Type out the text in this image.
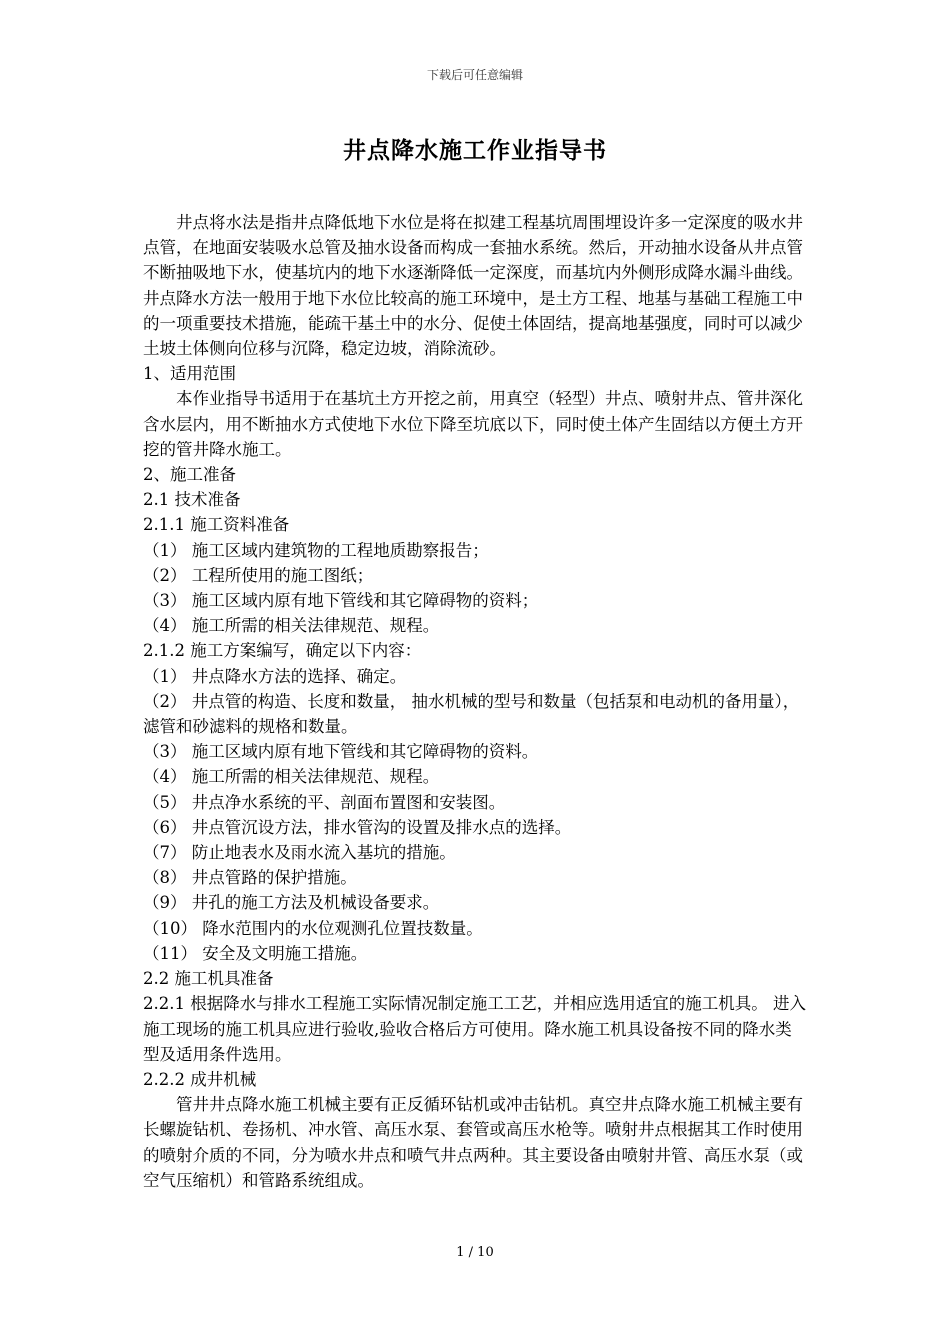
下载后可任意编辑
井点降水施工作业指导书

井点将水法是指井点降低地下水位是将在拟建工程基坑周围埋设许多一定深度的吸水井点管，在地面安装吸水总管及抽水设备而构成一套抽水系统。然后，开动抽水设备从井点管不断抽吸地下水，使基坑内的地下水逐渐降低一定深度，而基坑内外侧形成降水漏斗曲线。 井点降水方法一般用于地下水位比较高的施工环境中，是土方工程、地基与基础工程施工中的一项重要技术措施，能疏干基土中的水分、促使土体固结，提高地基强度，同时可以减少土坡土体侧向位移与沉降，稳定边坡，消除流砂。

1、适用范围

本作业指导书适用于在基坑土方开挖之前，用真空（轻型）井点、喷射井点、管井深化含水层内，用不断抽水方式使地下水位下降至坑底以下，同时使土体产生固结以方便土方开挖的管井降水施工。

2、施工准备

2.1 技术准备

2.1.1 施工资料准备

（1） 施工区域内建筑物的工程地质勘察报告；

（2） 工程所使用的施工图纸；

（3） 施工区域内原有地下管线和其它障碍物的资料；

（4） 施工所需的相关法律规范、规程。

2.1.2 施工方案编写，确定以下内容：

（1） 井点降水方法的选择、确定。

（2） 井点管的构造、长度和数量， 抽水机械的型号和数量（包括泵和电动机的备用量），滤管和砂滤料的规格和数量。

（3） 施工区域内原有地下管线和其它障碍物的资料。

（4） 施工所需的相关法律规范、规程。

（5） 井点净水系统的平、剖面布置图和安装图。

（6） 井点管沉设方法，排水管沟的设置及排水点的选择。

（7） 防止地表水及雨水流入基坑的措施。

（8） 井点管路的保护措施。

（9） 井孔的施工方法及机械设备要求。

（10） 降水范围内的水位观测孔位置技数量。

（11） 安全及文明施工措施。

2.2 施工机具准备

2.2.1 根据降水与排水工程施工实际情况制定施工工艺，并相应选用适宜的施工机具。 进入施工现场的施工机具应进行验收,验收合格后方可使用。降水施工机具设备按不同的降水类型及适用条件选用。

2.2.2 成井机械

管井井点降水施工机械主要有正反循环钻机或冲击钻机。真空井点降水施工机械主要有长螺旋钻机、卷扬机、冲水管、高压水泵、套管或高压水枪等。喷射井点根据其工作时使用的喷射介质的不同，分为喷水井点和喷气井点两种。其主要设备由喷射井管、高压水泵（或空气压缩机）和管路系统组成。

1 / 10
